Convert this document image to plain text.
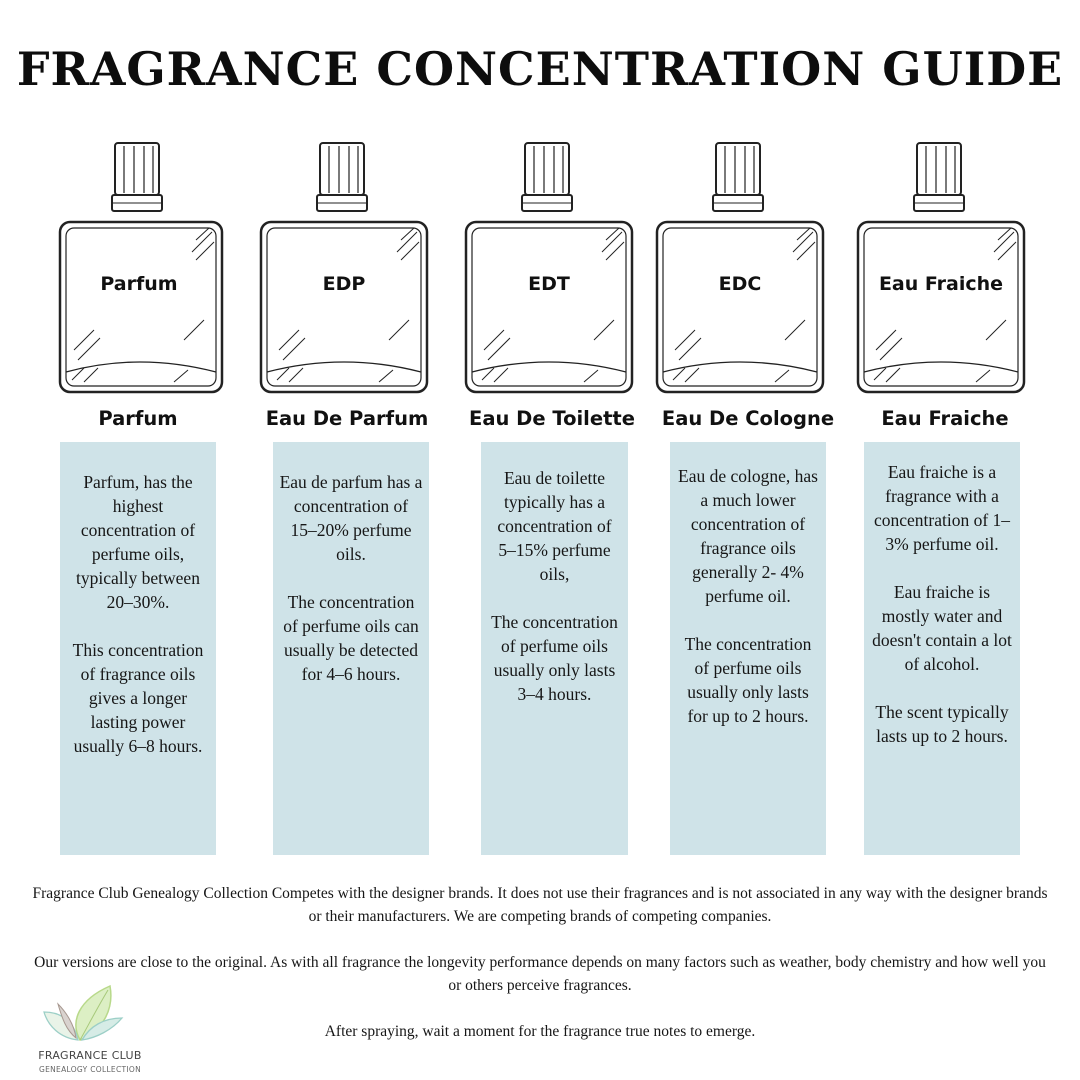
FRAGRANCE CONCENTRATION GUIDE
Parfum	EDP	EDT	EDC	Eau Fraiche
Parfum	Eau De Parfum	Eau De Toilette	Eau De Cologne	Eau Fraiche

Parfum, has the highest concentration of perfume oils, typically between 20–30%.

This concentration of fragrance oils gives a longer lasting power usually 6–8 hours.

Eau de parfum has a concentration of 15–20% perfume oils.

The concentration of perfume oils can usually be detected for 4–6 hours.

Eau de toilette typically has a concentration of 5–15% perfume oils,

The concentration of perfume oils usually only lasts 3–4 hours.

Eau de cologne, has a much lower concentration of fragrance oils generally 2- 4% perfume oil.

The concentration of perfume oils usually only lasts for up to 2 hours.

Eau fraiche is a fragrance with a concentration of 1–3% perfume oil.

Eau fraiche is mostly water and doesn't contain a lot of alcohol.

The scent typically lasts up to 2 hours.

Fragrance Club Genealogy Collection Competes with the designer brands. It does not use their fragrances and is not associated in any way with the designer brands or their manufacturers. We are competing brands of competing companies.

Our versions are close to the original. As with all fragrance the longevity performance depends on many factors such as weather, body chemistry and how well you or others perceive fragrances.

After spraying, wait a moment for the fragrance true notes to emerge.

FRAGRANCE CLUB
GENEALOGY COLLECTION
